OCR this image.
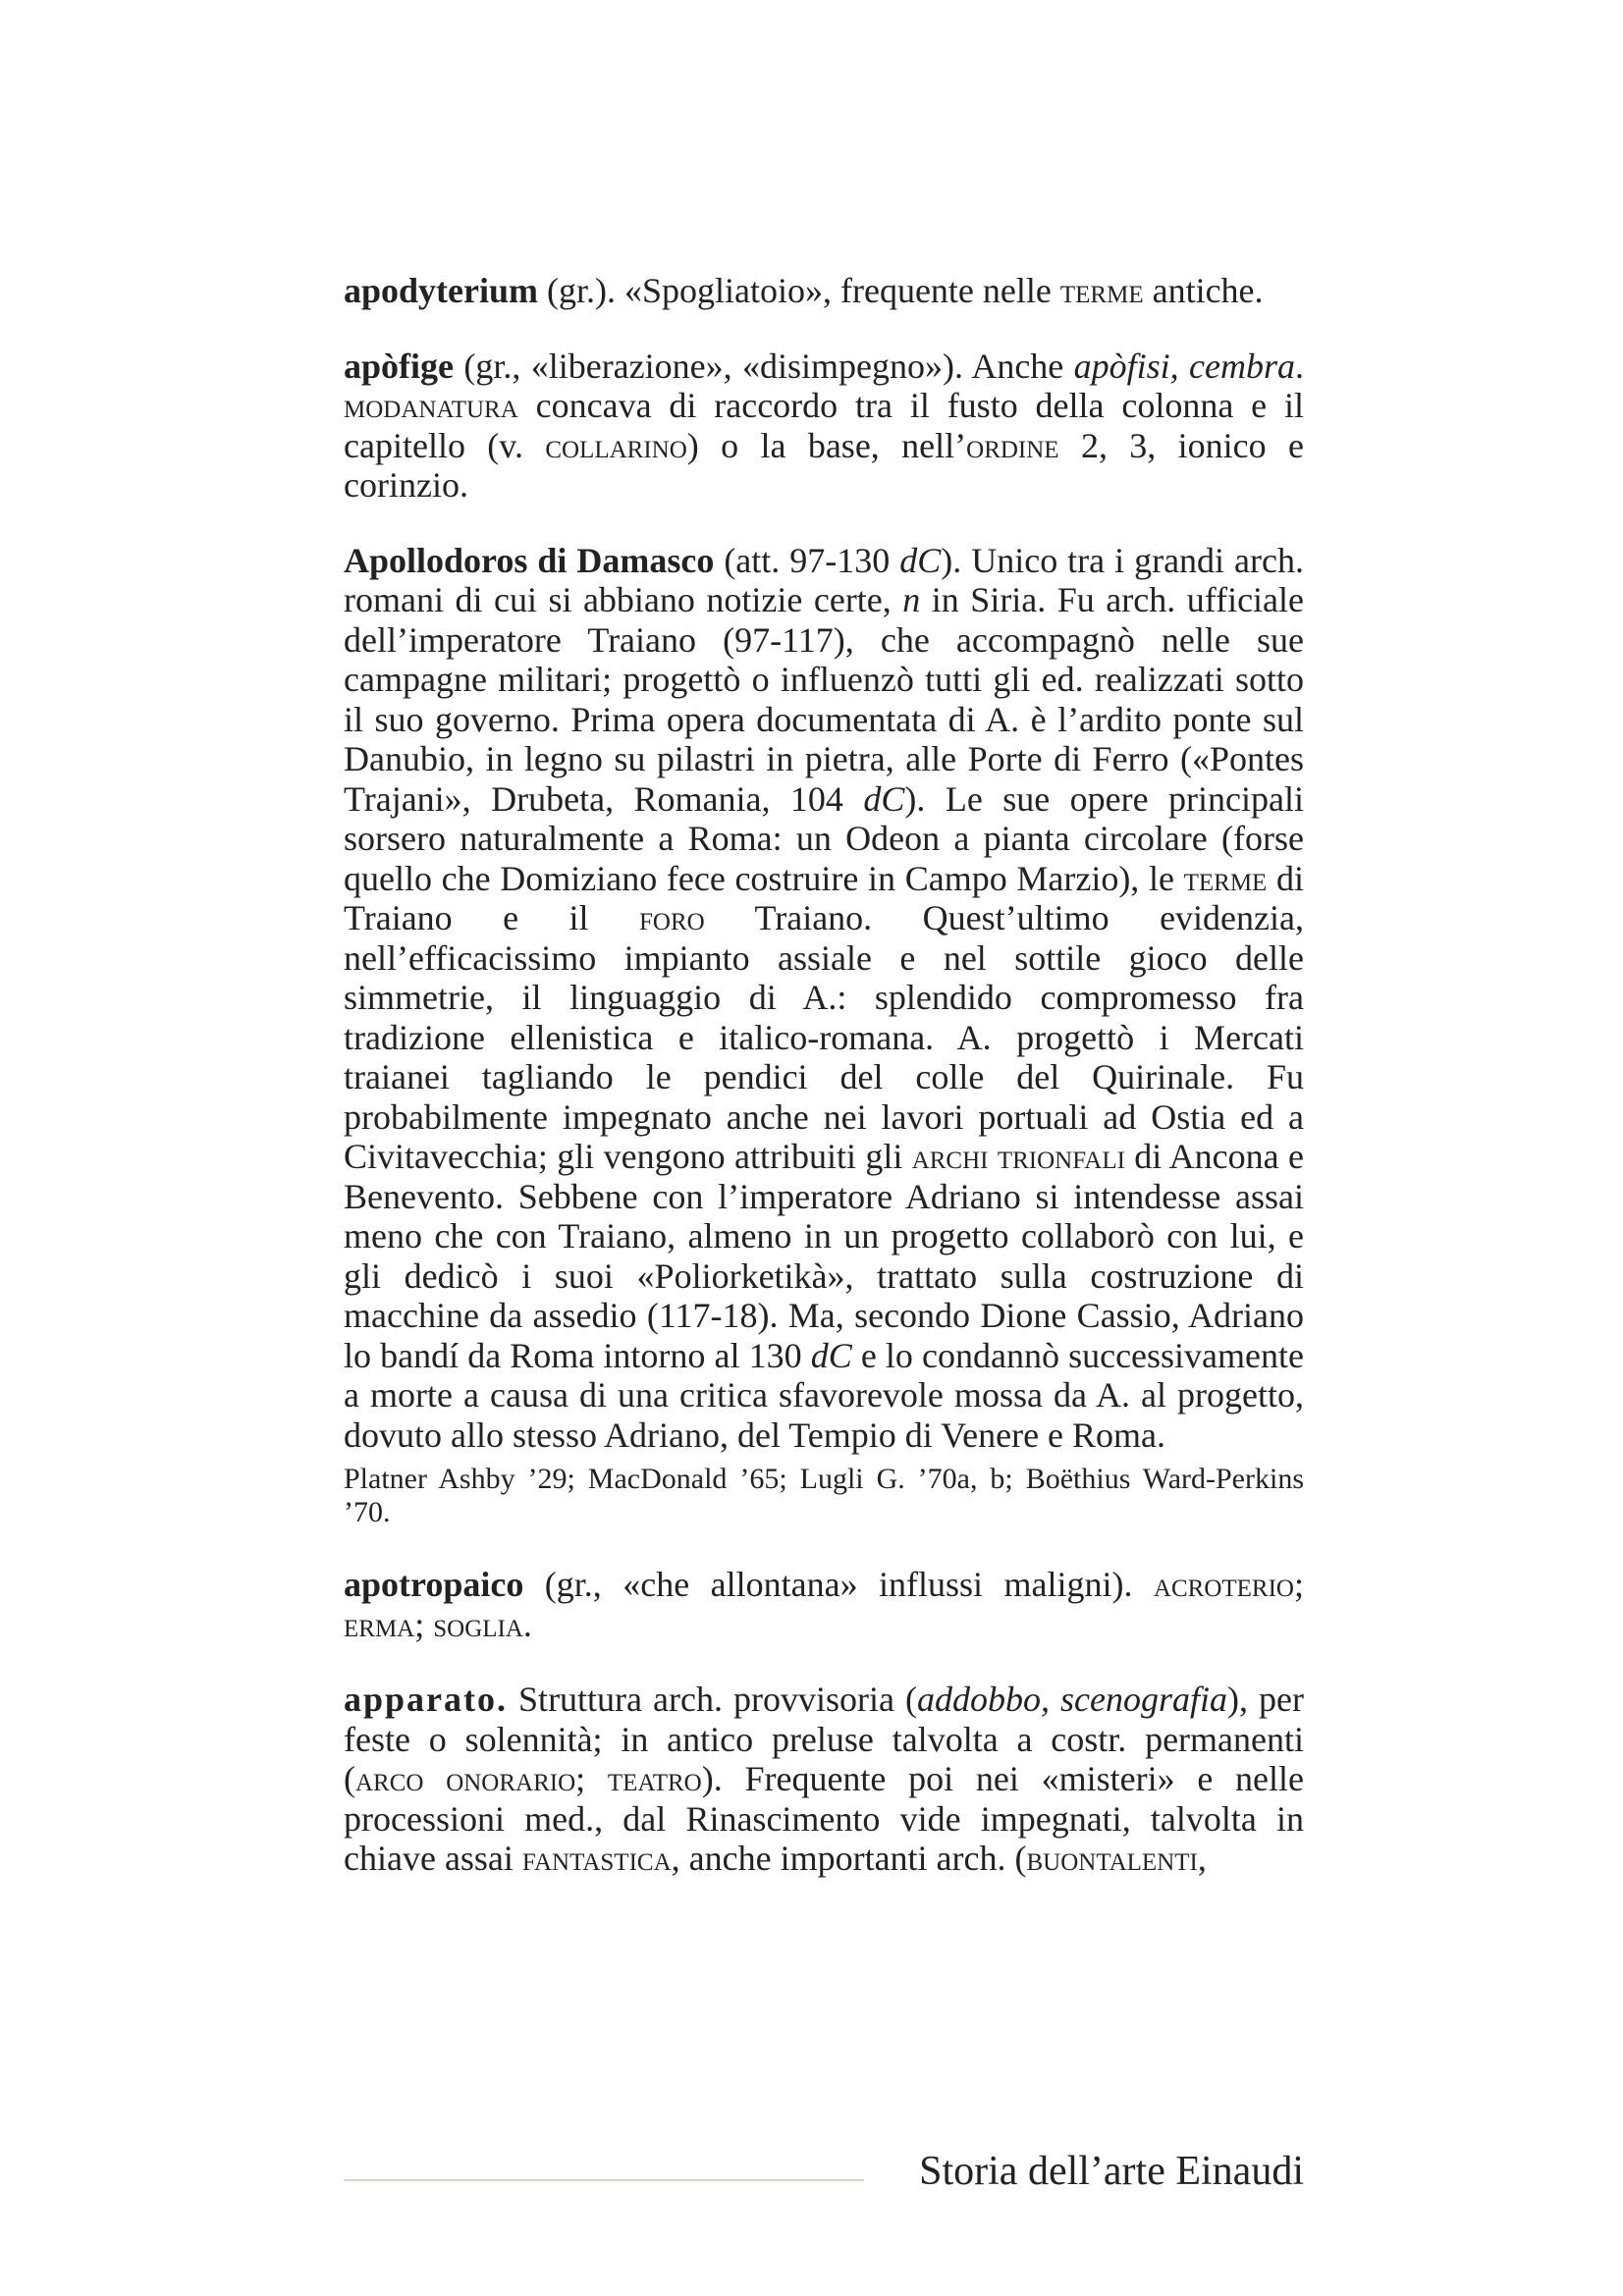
apodyterium (gr.). «Spogliatoio», frequente nelle terme antiche.

apòfige (gr., «liberazione», «disimpegno»). Anche apòfisi, cembra. modanatura concava di raccordo tra il fusto della colonna e il capitello (v. collarino) o la base, nell’ordine 2, 3, ionico e corinzio.

Apollodoros di Damasco (att. 97-130 dC). Unico tra i grandi arch. romani di cui si abbiano notizie certe, n in Siria. Fu arch. ufficiale dell’imperatore Traiano (97-117), che accompagnò nelle sue campagne militari; progettò o influenzò tutti gli ed. realizzati sotto il suo governo. Prima opera documentata di A. è l’ardito ponte sul Danubio, in legno su pilastri in pietra, alle Porte di Ferro («Pontes Trajani», Drubeta, Romania, 104 dC). Le sue opere principali sorsero naturalmente a Roma: un Odeon a pianta circolare (forse quello che Domiziano fece costruire in Campo Marzio), le terme di Traiano e il foro Traiano. Quest’ultimo evidenzia, nell’efficacissimo impianto assiale e nel sottile gioco delle simmetrie, il linguaggio di A.: splendido compromesso fra tradizione ellenistica e italico-romana. A. progettò i Mercati traianei tagliando le pendici del colle del Quirinale. Fu probabilmente impegnato anche nei lavori portuali ad Ostia ed a Civitavecchia; gli vengono attribuiti gli archi trionfali di Ancona e Benevento. Sebbene con l’imperatore Adriano si intendesse assai meno che con Traiano, almeno in un progetto collaborò con lui, e gli dedicò i suoi «Poliorketikà», trattato sulla costruzione di macchine da assedio (117-18). Ma, secondo Dione Cassio, Adriano lo bandí da Roma intorno al 130 dC e lo condannò successivamente a morte a causa di una critica sfavorevole mossa da A. al progetto, dovuto allo stesso Adriano, del Tempio di Venere e Roma.

Platner Ashby ’29; MacDonald ’65; Lugli G. ’70a, b; Boëthius Ward-Perkins ’70.

apotropaico (gr., «che allontana» influssi maligni). acroterio; erma; soglia.

apparato. Struttura arch. provvisoria (addobbo, scenografia), per feste o solennità; in antico preluse talvolta a costr. permanenti (arco onorario; teatro). Frequente poi nei «misteri» e nelle processioni med., dal Rinascimento vide impegnati, talvolta in chiave assai fantastica, anche importanti arch. (buontalenti,

Storia dell’arte Einaudi
